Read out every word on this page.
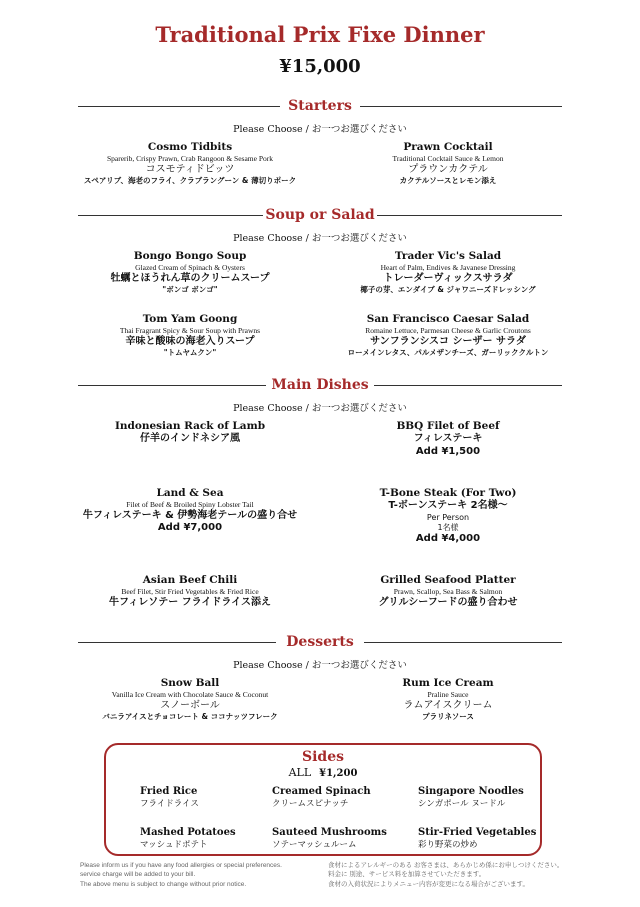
Traditional Prix Fixe Dinner
¥15,000
Starters
Please Choose / お一つお選びください
Cosmo Tidbits
Sparerib, Crispy Prawn, Crab Rangoon & Sesame Pork
コスモティドビッツ
スペアリブ、海老のフライ、クラブラングーン & 薄切りポーク
Prawn Cocktail
Traditional Cocktail Sauce & Lemon
プラウンカクテル
カクテルソースとレモン添え
Soup or Salad
Please Choose / お一つお選びください
Bongo Bongo Soup
Glazed Cream of Spinach & Oysters
牡蠣とほうれん草のクリームスープ
"ボンゴ ボンゴ"
Trader Vic's Salad
Heart of Palm, Endives & Javanese Dressing
トレーダーヴィックスサラダ
椰子の芽、エンダイブ & ジャワニーズドレッシング
Tom Yam Goong
Thai Fragrant Spicy & Sour Soup with Prawns
辛味と酸味の海老入りスープ
"トムヤムクン"
San Francisco Caesar Salad
Romaine Lettuce, Parmesan Cheese & Garlic Croutons
サンフランシスコ シーザー サラダ
ローメインレタス、パルメザンチーズ、ガーリッククルトン
Main Dishes
Please Choose / お一つお選びください
Indonesian Rack of Lamb
仔羊のインドネシア風
BBQ Filet of Beef
フィレステーキ
Add ¥1,500
Land & Sea
Filet of Beef & Broiled Spiny Lobster Tail
牛フィレステーキ & 伊勢海老テールの盛り合せ
Add ¥7,000
T-Bone Steak (For Two)
T-ボーンステーキ 2名様～
Per Person
1名様
Add ¥4,000
Asian Beef Chili
Beef Filet, Stir Fried Vegetables & Fried Rice
牛フィレソテー フライドライス添え
Grilled Seafood Platter
Prawn, Scallop, Sea Bass & Salmon
グリルシーフードの盛り合わせ
Desserts
Please Choose / お一つお選びください
Snow Ball
Vanilla Ice Cream with Chocolate Sauce & Coconut
スノーボール
バニラアイスとチョコレート & ココナッツフレーク
Rum Ice Cream
Praline Sauce
ラムアイスクリーム
プラリネソース
Sides
ALL ¥1,200
Fried Rice
フライドライス
Creamed Spinach
クリームスピナッチ
Singapore Noodles
シンガポール ヌードル
Mashed Potatoes
マッシュドポテト
Sauteed Mushrooms
ソテーマッシュルーム
Stir-Fried Vegetables
彩り野菜の炒め
Please inform us if you have any food allergies or special preferences.
service charge will be added to your bill.
The above menu is subject to change without prior notice.
食材によるアレルギーのある お客さまは、あらかじめ係にお申しつけください。
料金に 別途、サービス料を加算させていただきます。
食材の入荷状況によりメニュー内容が変更になる場合がございます。
